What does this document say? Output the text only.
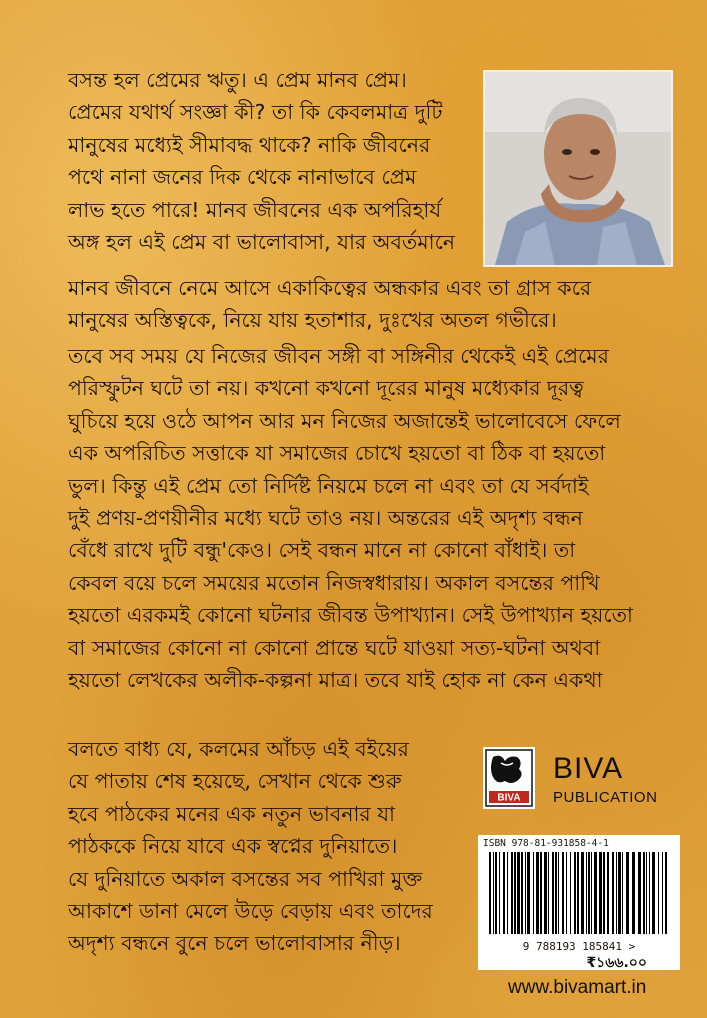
বসন্ত হল প্রেমের ঋতু। এ প্রেম মানব প্রেম।
প্রেমের যথার্থ সংজ্ঞা কী? তা কি কেবলমাত্র দুটি
মানুষের মধ্যেই সীমাবদ্ধ থাকে? নাকি জীবনের
পথে নানা জনের দিক থেকে নানাভাবে প্রেম
লাভ হতে পারে! মানব জীবনের এক অপরিহার্য
অঙ্গ হল এই প্রেম বা ভালোবাসা, যার অবর্তমানে
মানব জীবনে নেমে আসে একাকিত্বের অন্ধকার এবং তা গ্রাস করে
মানুষের অস্তিত্বকে, নিয়ে যায় হতাশার, দুঃখের অতল গভীরে।
তবে সব সময় যে নিজের জীবন সঙ্গী বা সঙ্গিনীর থেকেই এই প্রেমের
পরিস্ফুটন ঘটে তা নয়। কখনো কখনো দূরের মানুষ মধ্যেকার দূরত্ব
ঘুচিয়ে হয়ে ওঠে আপন আর মন নিজের অজান্তেই ভালোবেসে ফেলে
এক অপরিচিত সত্তাকে যা সমাজের চোখে হয়তো বা ঠিক বা হয়তো
ভুল। কিন্তু এই প্রেম তো নির্দিষ্ট নিয়মে চলে না এবং তা যে সর্বদাই
দুই প্রণয়-প্রণয়ীনীর মধ্যে ঘটে তাও নয়। অন্তরের এই অদৃশ্য বন্ধন
বেঁধে রাখে দুটি বন্ধু'কেও। সেই বন্ধন মানে না কোনো বাঁধাই। তা
কেবল বয়ে চলে সময়ের মতোন নিজস্বধারায়। অকাল বসন্তের পাখি
হয়তো এরকমই কোনো ঘটনার জীবন্ত উপাখ্যান। সেই উপাখ্যান হয়তো
বা সমাজের কোনো না কোনো প্রান্তে ঘটে যাওয়া সত্য-ঘটনা অথবা
হয়তো লেখকের অলীক-কল্পনা মাত্র। তবে যাই হোক না কেন একথা
বলতে বাধ্য যে, কলমের আঁচড় এই বইয়ের
যে পাতায় শেষ হয়েছে, সেখান থেকে শুরু
হবে পাঠকের মনের এক নতুন ভাবনার যা
পাঠককে নিয়ে যাবে এক স্বপ্নের দুনিয়াতে।
যে দুনিয়াতে অকাল বসন্তের সব পাখিরা মুক্ত
আকাশে ডানা মেলে উড়ে বেড়ায় এবং তাদের
অদৃশ্য বন্ধনে বুনে চলে ভালোবাসার নীড়।
BIVA
BIVA
PUBLICATION
ISBN 978-81-931858-4-1
9 788193 185841 >
₹১৬৬.০০
www.bivamart.in
